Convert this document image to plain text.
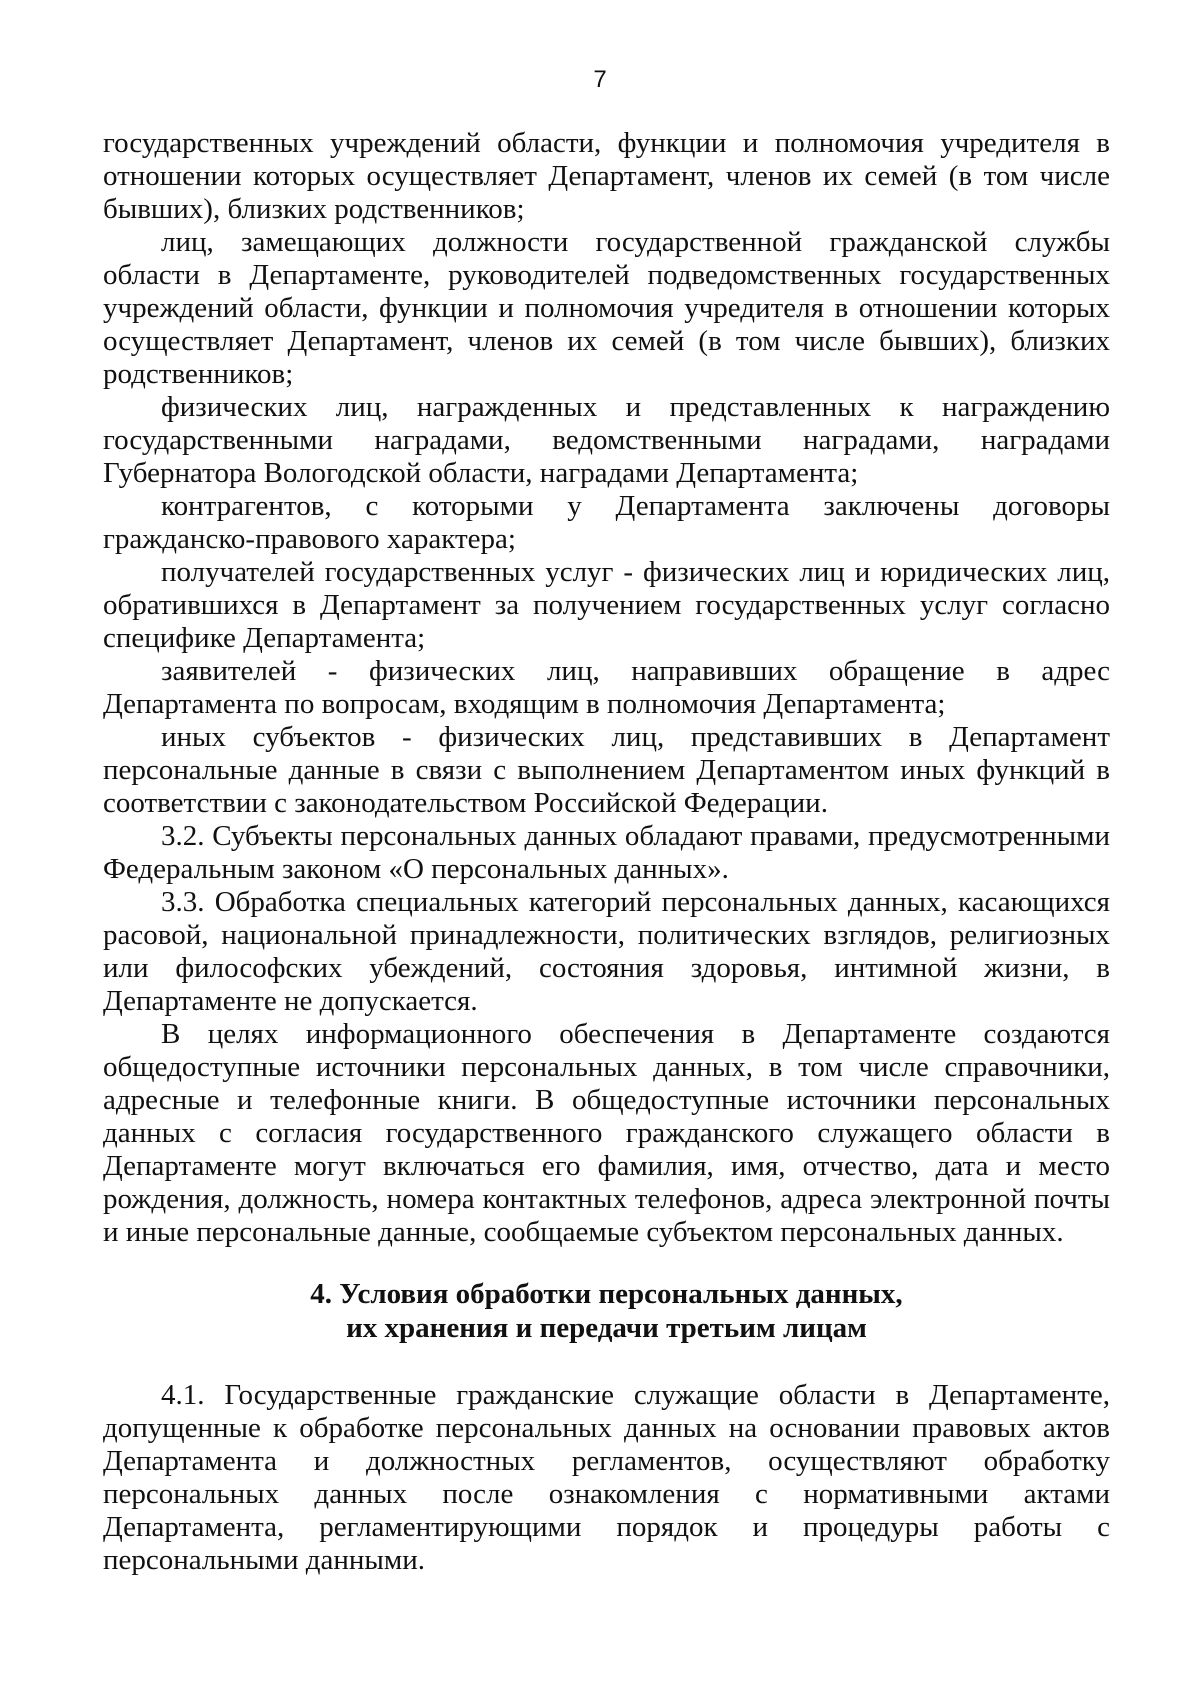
7

государственных учреждений области, функции и полномочия учредителя в отношении которых осуществляет Департамент, членов их семей (в том числе бывших), близких родственников;

лиц, замещающих должности государственной гражданской службы области в Департаменте, руководителей подведомственных государственных учреждений области, функции и полномочия учредителя в отношении которых осуществляет Департамент, членов их семей (в том числе бывших), близких родственников;

физических лиц, награжденных и представленных к награждению государственными наградами, ведомственными наградами, наградами Губернатора Вологодской области, наградами Департамента;

контрагентов, с которыми у Департамента заключены договоры гражданско-правового характера;

получателей государственных услуг - физических лиц и юридических лиц, обратившихся в Департамент за получением государственных услуг согласно специфике Департамента;

заявителей - физических лиц, направивших обращение в адрес Департамента по вопросам, входящим в полномочия Департамента;

иных субъектов - физических лиц, представивших в Департамент персональные данные в связи с выполнением Департаментом иных функций в соответствии с законодательством Российской Федерации.

3.2. Субъекты персональных данных обладают правами, предусмотренными Федеральным законом «О персональных данных».

3.3. Обработка специальных категорий персональных данных, касающихся расовой, национальной принадлежности, политических взглядов, религиозных или философских убеждений, состояния здоровья, интимной жизни, в Департаменте не допускается.

В целях информационного обеспечения в Департаменте создаются общедоступные источники персональных данных, в том числе справочники, адресные и телефонные книги. В общедоступные источники персональных данных с согласия государственного гражданского служащего области в Департаменте могут включаться его фамилия, имя, отчество, дата и место рождения, должность, номера контактных телефонов, адреса электронной почты и иные персональные данные, сообщаемые субъектом персональных данных.

4. Условия обработки персональных данных,
их хранения и передачи третьим лицам

4.1. Государственные гражданские служащие области в Департаменте, допущенные к обработке персональных данных на основании правовых актов Департамента и должностных регламентов, осуществляют обработку персональных данных после ознакомления с нормативными актами Департамента, регламентирующими порядок и процедуры работы с персональными данными.
